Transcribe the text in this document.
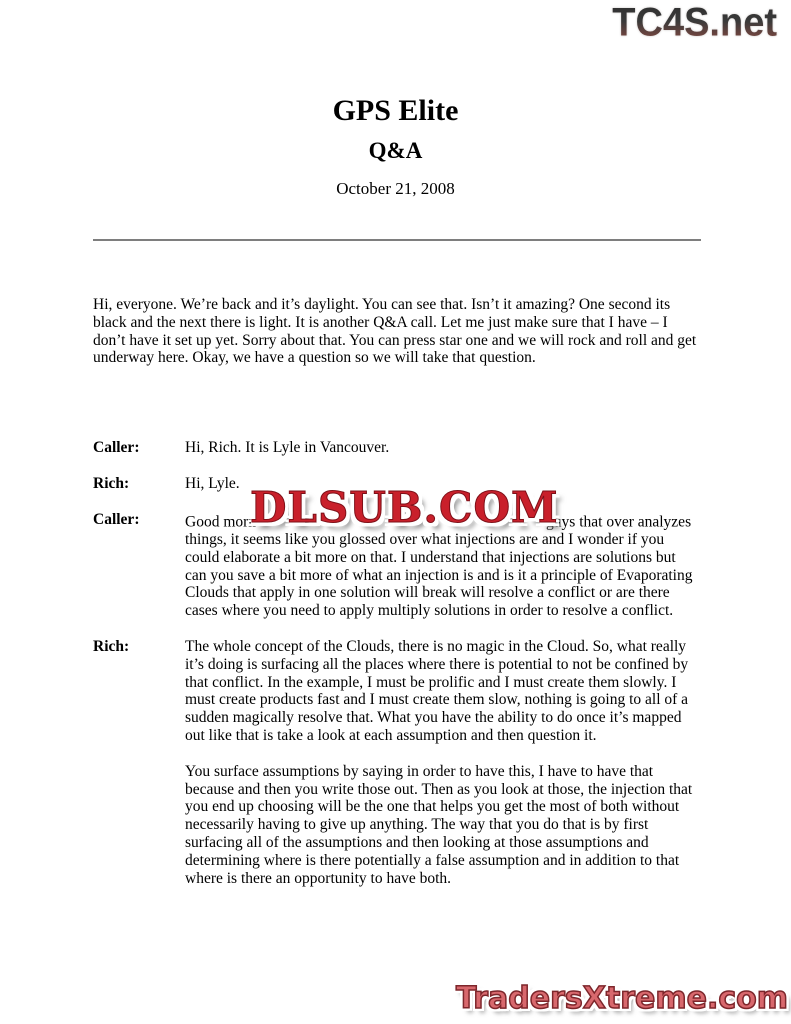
TC4S.net
GPS Elite
Q&A
October 21, 2008

Hi, everyone. We’re back and it’s daylight. You can see that. Isn’t it amazing? One second its black and the next there is light. It is another Q&A call. Let me just make sure that I have – I don’t have it set up yet. Sorry about that. You can press star one and we will rock and roll and get underway here. Okay, we have a question so we will take that question.

Caller:	Hi, Rich. It is Lyle in Vancouver.

Rich:	Hi, Lyle.

Caller:	Good morn	guys that over analyzes things, it seems like you glossed over what injections are and I wonder if you could elaborate a bit more on that. I understand that injections are solutions but can you save a bit more of what an injection is and is it a principle of Evaporating Clouds that apply in one solution will break will resolve a conflict or are there cases where you need to apply multiply solutions in order to resolve a conflict.

Rich:	The whole concept of the Clouds, there is no magic in the Cloud. So, what really it’s doing is surfacing all the places where there is potential to not be confined by that conflict. In the example, I must be prolific and I must create them slowly. I must create products fast and I must create them slow, nothing is going to all of a sudden magically resolve that. What you have the ability to do once it’s mapped out like that is take a look at each assumption and then question it.

You surface assumptions by saying in order to have this, I have to have that because and then you write those out. Then as you look at those, the injection that you end up choosing will be the one that helps you get the most of both without necessarily having to give up anything. The way that you do that is by first surfacing all of the assumptions and then looking at those assumptions and determining where is there potentially a false assumption and in addition to that where is there an opportunity to have both.

DLSUB.COM
TradersXtreme.com
